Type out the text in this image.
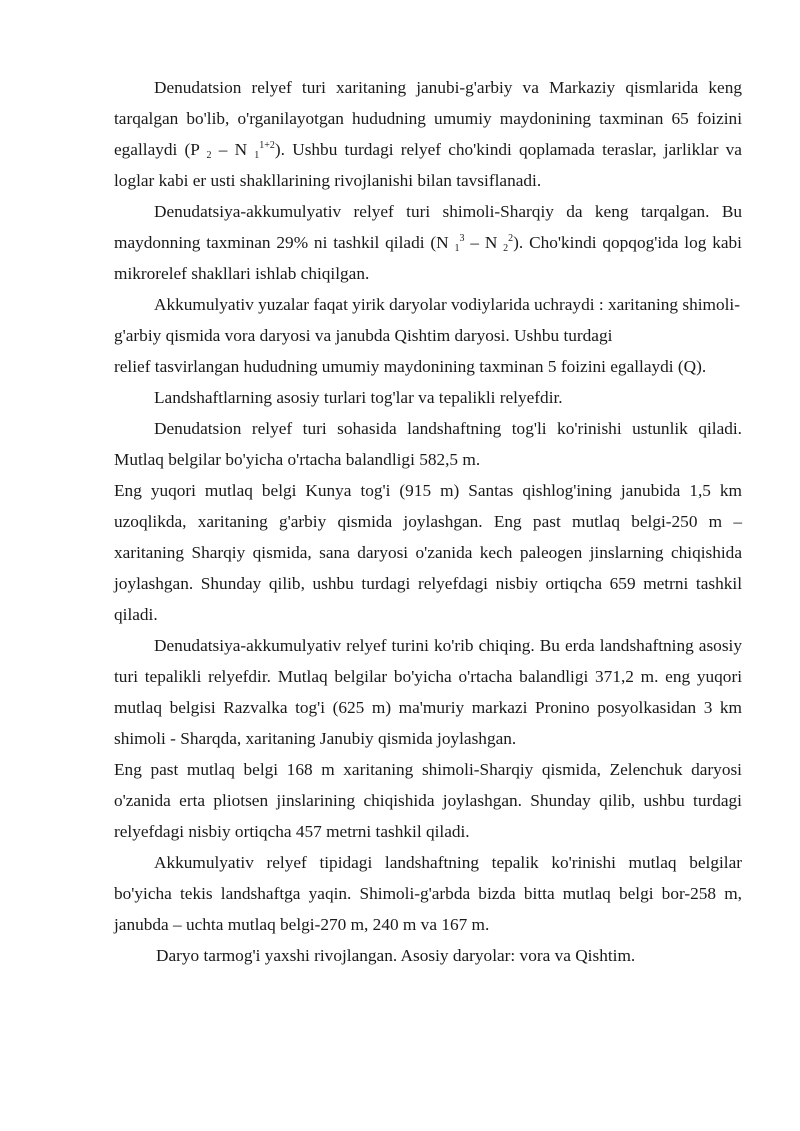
Denudatsion relyef turi xaritaning janubi-g'arbiy va Markaziy qismlarida keng tarqalgan bo'lib, o'rganilayotgan hududning umumiy maydonining taxminan 65 foizini egallaydi (P $_2$ – N $_1^{1+2}$). Ushbu turdagi relyef cho'kindi qoplamada teraslar, jarliklar va loglar kabi er usti shakllarining rivojlanishi bilan tavsiflanadi.

Denudatsiya-akkumulyativ relyef turi shimoli-Sharqiy da keng tarqalgan. Bu maydonning taxminan 29% ni tashkil qiladi (N $_1^3$ – N $_2^2$). Cho'kindi qopqog'ida log kabi mikrorelef shakllari ishlab chiqilgan.

Akkumulyativ yuzalar faqat yirik daryolar vodiylarida uchraydi : xaritaning shimoli-g'arbiy qismida vora daryosi va janubda Qishtim daryosi. Ushbu turdagi

relief tasvirlangan hududning umumiy maydonining taxminan 5 foizini egallaydi (Q).

Landshaftlarning asosiy turlari tog'lar va tepalikli relyefdir.

Denudatsion relyef turi sohasida landshaftning tog'li ko'rinishi ustunlik qiladi. Mutlaq belgilar bo'yicha o'rtacha balandligi 582,5 m.

Eng yuqori mutlaq belgi Kunya tog'i (915 m) Santas qishlog'ining janubida 1,5 km uzoqlikda, xaritaning g'arbiy qismida joylashgan. Eng past mutlaq belgi-250 m – xaritaning Sharqiy qismida, sana daryosi o'zanida kech paleogen jinslarning chiqishida joylashgan. Shunday qilib, ushbu turdagi relyefdagi nisbiy ortiqcha 659 metrni tashkil qiladi.

Denudatsiya-akkumulyativ relyef turini ko'rib chiqing. Bu erda landshaftning asosiy turi tepalikli relyefdir. Mutlaq belgilar bo'yicha o'rtacha balandligi 371,2 m. eng yuqori mutlaq belgisi Razvalka tog'i (625 m) ma'muriy markazi Pronino posyolkasidan 3 km shimoli - Sharqda, xaritaning Janubiy qismida joylashgan.

Eng past mutlaq belgi 168 m xaritaning shimoli-Sharqiy qismida, Zelenchuk daryosi o'zanida erta pliotsen jinslarining chiqishida joylashgan. Shunday qilib, ushbu turdagi relyefdagi nisbiy ortiqcha 457 metrni tashkil qiladi.

Akkumulyativ relyef tipidagi landshaftning tepalik ko'rinishi mutlaq belgilar bo'yicha tekis landshaftga yaqin. Shimoli-g'arbda bizda bitta mutlaq belgi bor-258 m, janubda – uchta mutlaq belgi-270 m, 240 m va 167 m.

Daryo tarmog'i yaxshi rivojlangan. Asosiy daryolar: vora va Qishtim.
